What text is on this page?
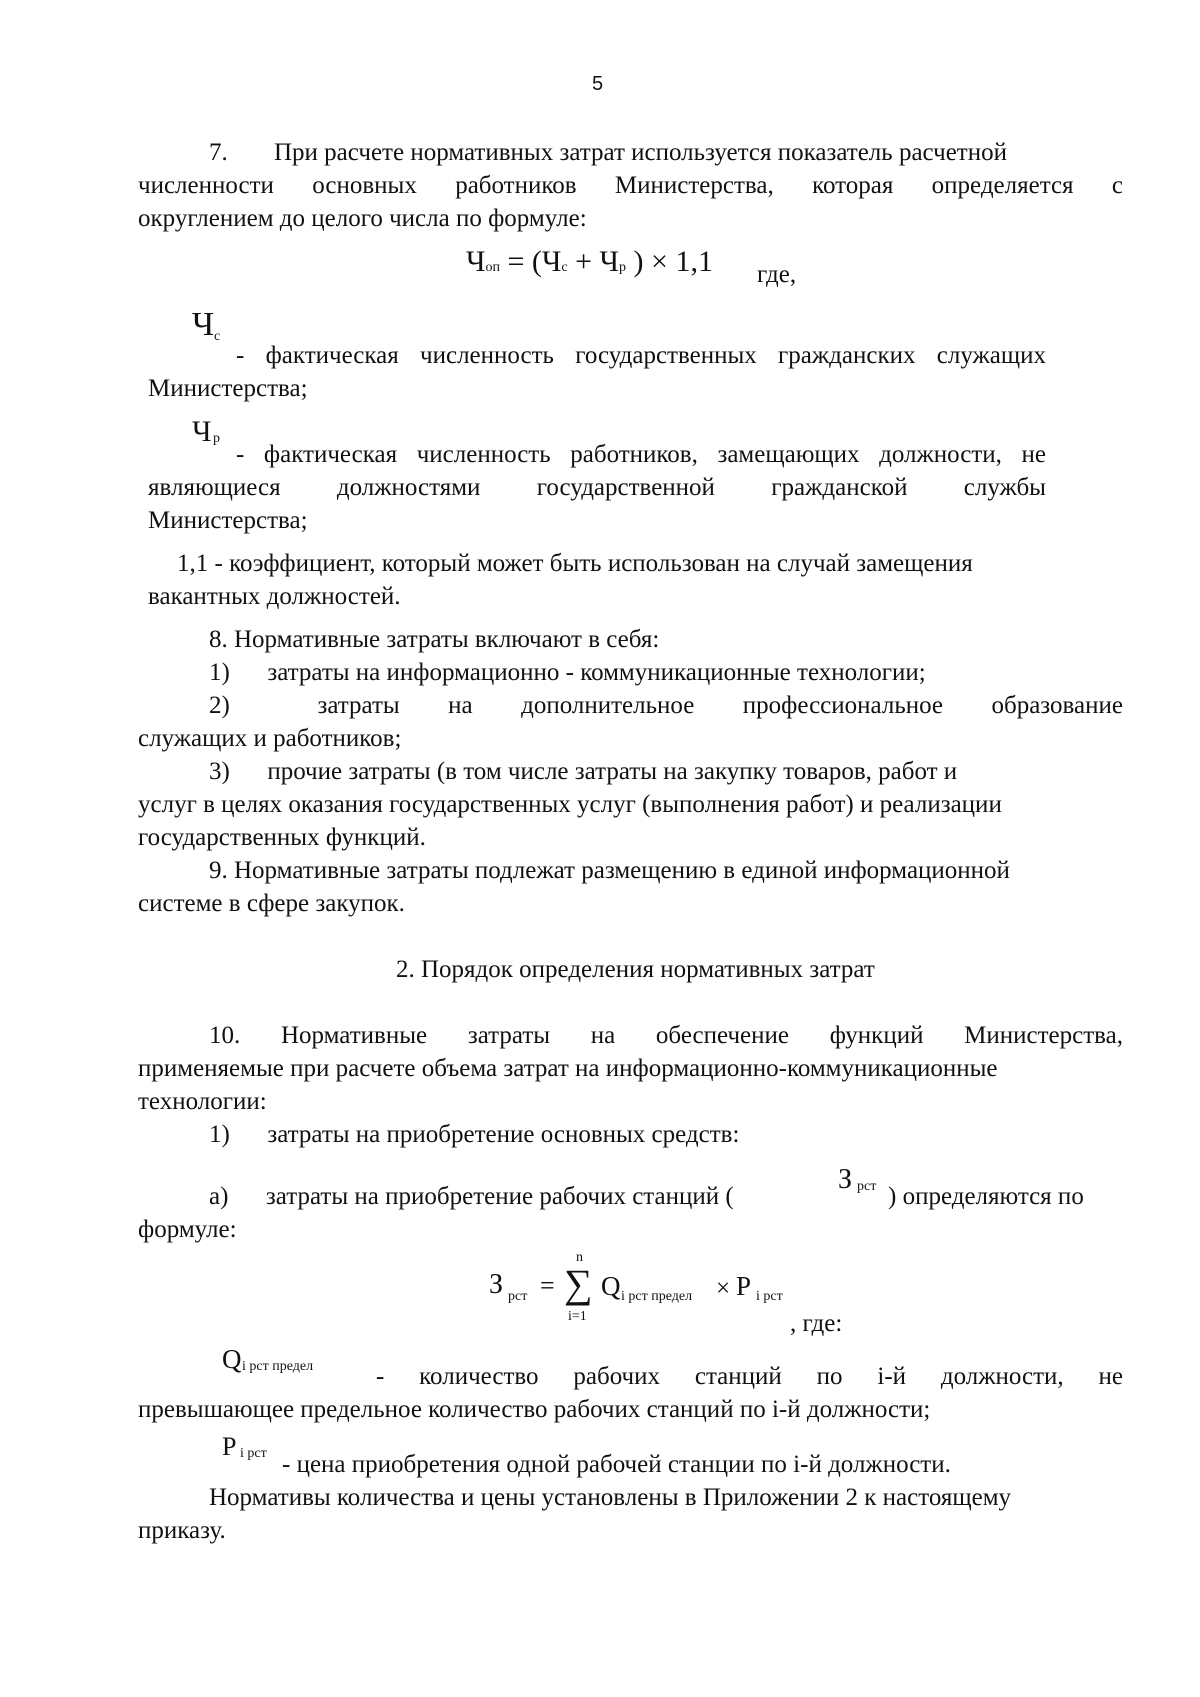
5
7. При расчете нормативных затрат используется показатель расчетной
численности основных работников Министерства, которая определяется с
округлением до целого числа по формуле:
Чоп = (Чс + Чр ) × 1,1 где,
Ч с
- фактическая численность государственных гражданских служащих
Министерства;
Ч р
- фактическая численность работников, замещающих должности, не
являющиеся должностями государственной гражданской службы
Министерства;
1,1 - коэффициент, который может быть использован на случай замещения
вакантных должностей.
8. Нормативные затраты включают в себя:
1)      затраты на информационно - коммуникационные технологии;
2)	затраты на дополнительное профессиональное образование
служащих и работников;
3)      прочие затраты (в том числе затраты на закупку товаров, работ и
услуг в целях оказания государственных услуг (выполнения работ) и реализации
государственных функций.
9. Нормативные затраты подлежат размещению в единой информационной
системе в сфере закупок.
2. Порядок определения нормативных затрат
10. Нормативные затраты на обеспечение функций Министерства,
применяемые при расчете объема затрат на информационно-коммуникационные
технологии:
1)      затраты на приобретение основных средств:
а)      затраты на приобретение рабочих станций (
З рст ) определяются по
формуле:
З рст =
n
∑
i=1
Q i рст предел × P i рст
, где:
Q i рст предел	- количество рабочих станций по i-й должности, не
превышающее предельное количество рабочих станций по i-й должности;
P i рст - цена приобретения одной рабочей станции по i-й должности.
Нормативы количества и цены установлены в Приложении 2 к настоящему
приказу.
